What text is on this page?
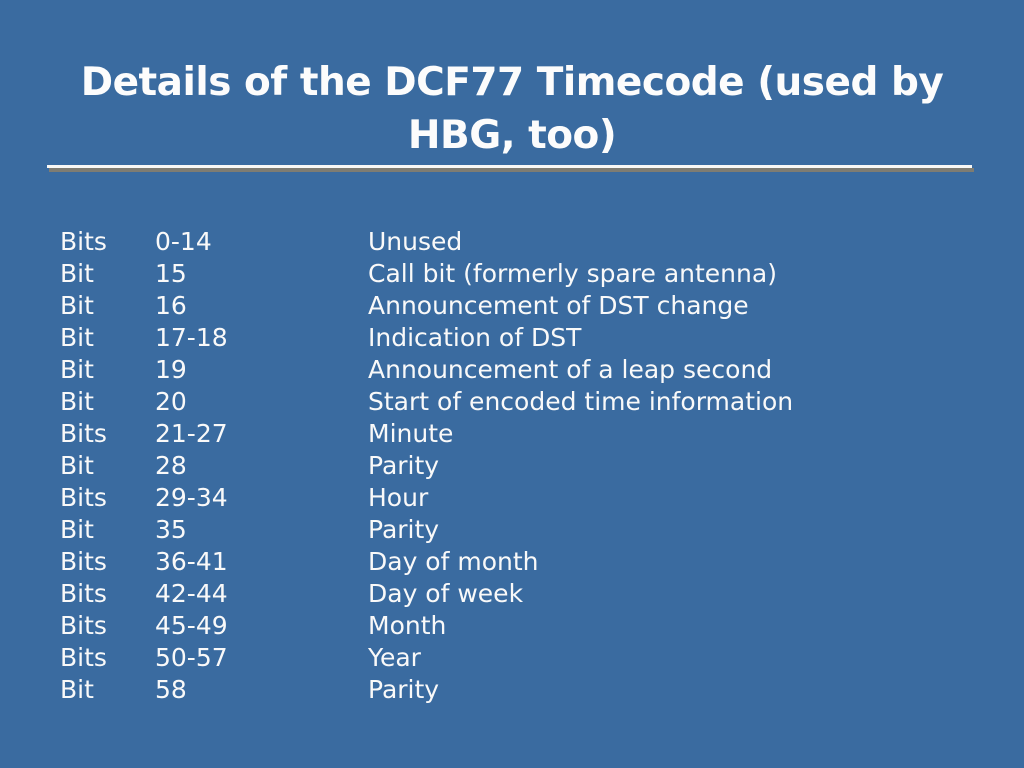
Details of the DCF77 Timecode (used by
HBG, too)
Bits	0-14	Unused
Bit	15	Call bit (formerly spare antenna)
Bit	16	Announcement of DST change
Bit	17-18	Indication of DST
Bit	19	Announcement of a leap second
Bit	20	Start of encoded time information
Bits	21-27	Minute
Bit	28	Parity
Bits	29-34	Hour
Bit	35	Parity
Bits	36-41	Day of month
Bits	42-44	Day of week
Bits	45-49	Month
Bits	50-57	Year
Bit	58	Parity
